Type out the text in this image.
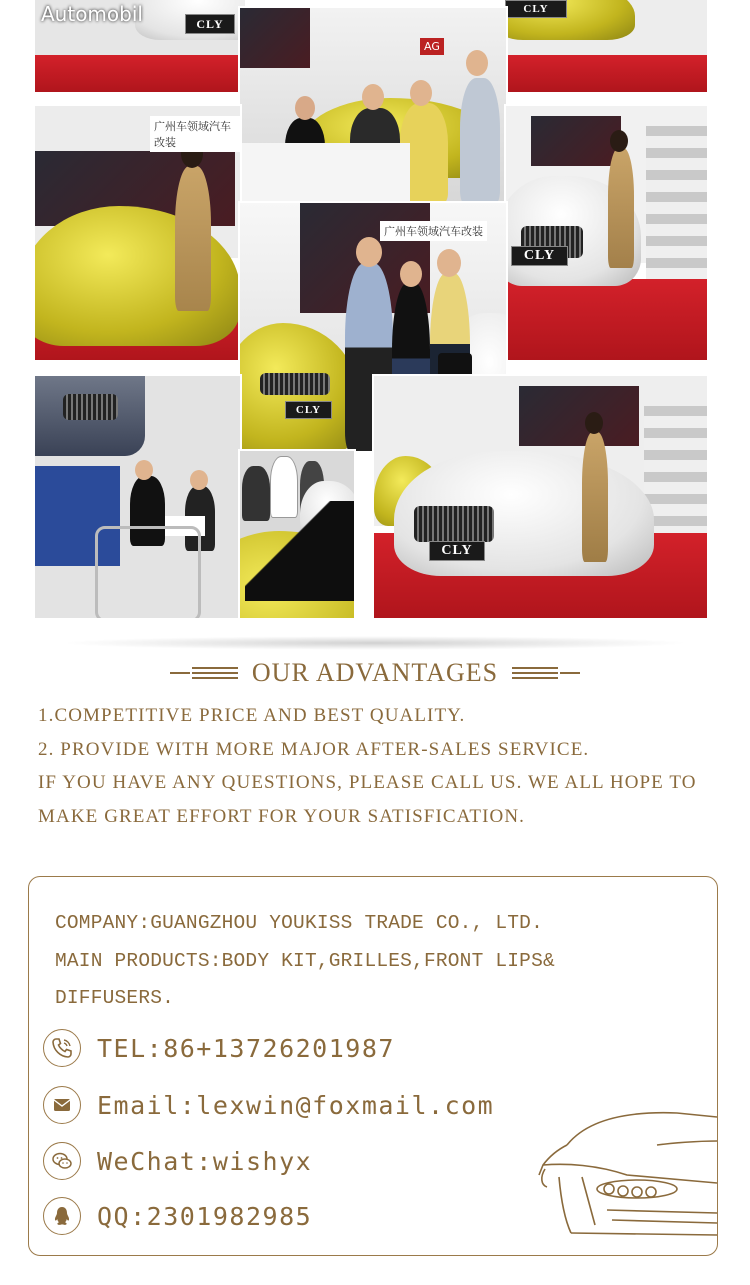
CLY
Automobil	CLY
AG
广州车领域汽车改装
CLY
广州车领域汽车改装
CLY
CLY
OUR ADVANTAGES
1.COMPETITIVE PRICE AND BEST QUALITY.
2. PROVIDE WITH MORE MAJOR AFTER-SALES SERVICE.
IF YOU HAVE ANY QUESTIONS, PLEASE CALL US. WE ALL HOPE TO
MAKE GREAT EFFORT FOR YOUR SATISFICATION.
COMPANY:GUANGZHOU YOUKISS TRADE CO., LTD.
MAIN PRODUCTS:BODY KIT,GRILLES,FRONT LIPS&
DIFFUSERS.
TEL:86+13726201987
Email:lexwin@foxmail.com
WeChat:wishyx
QQ:2301982985
